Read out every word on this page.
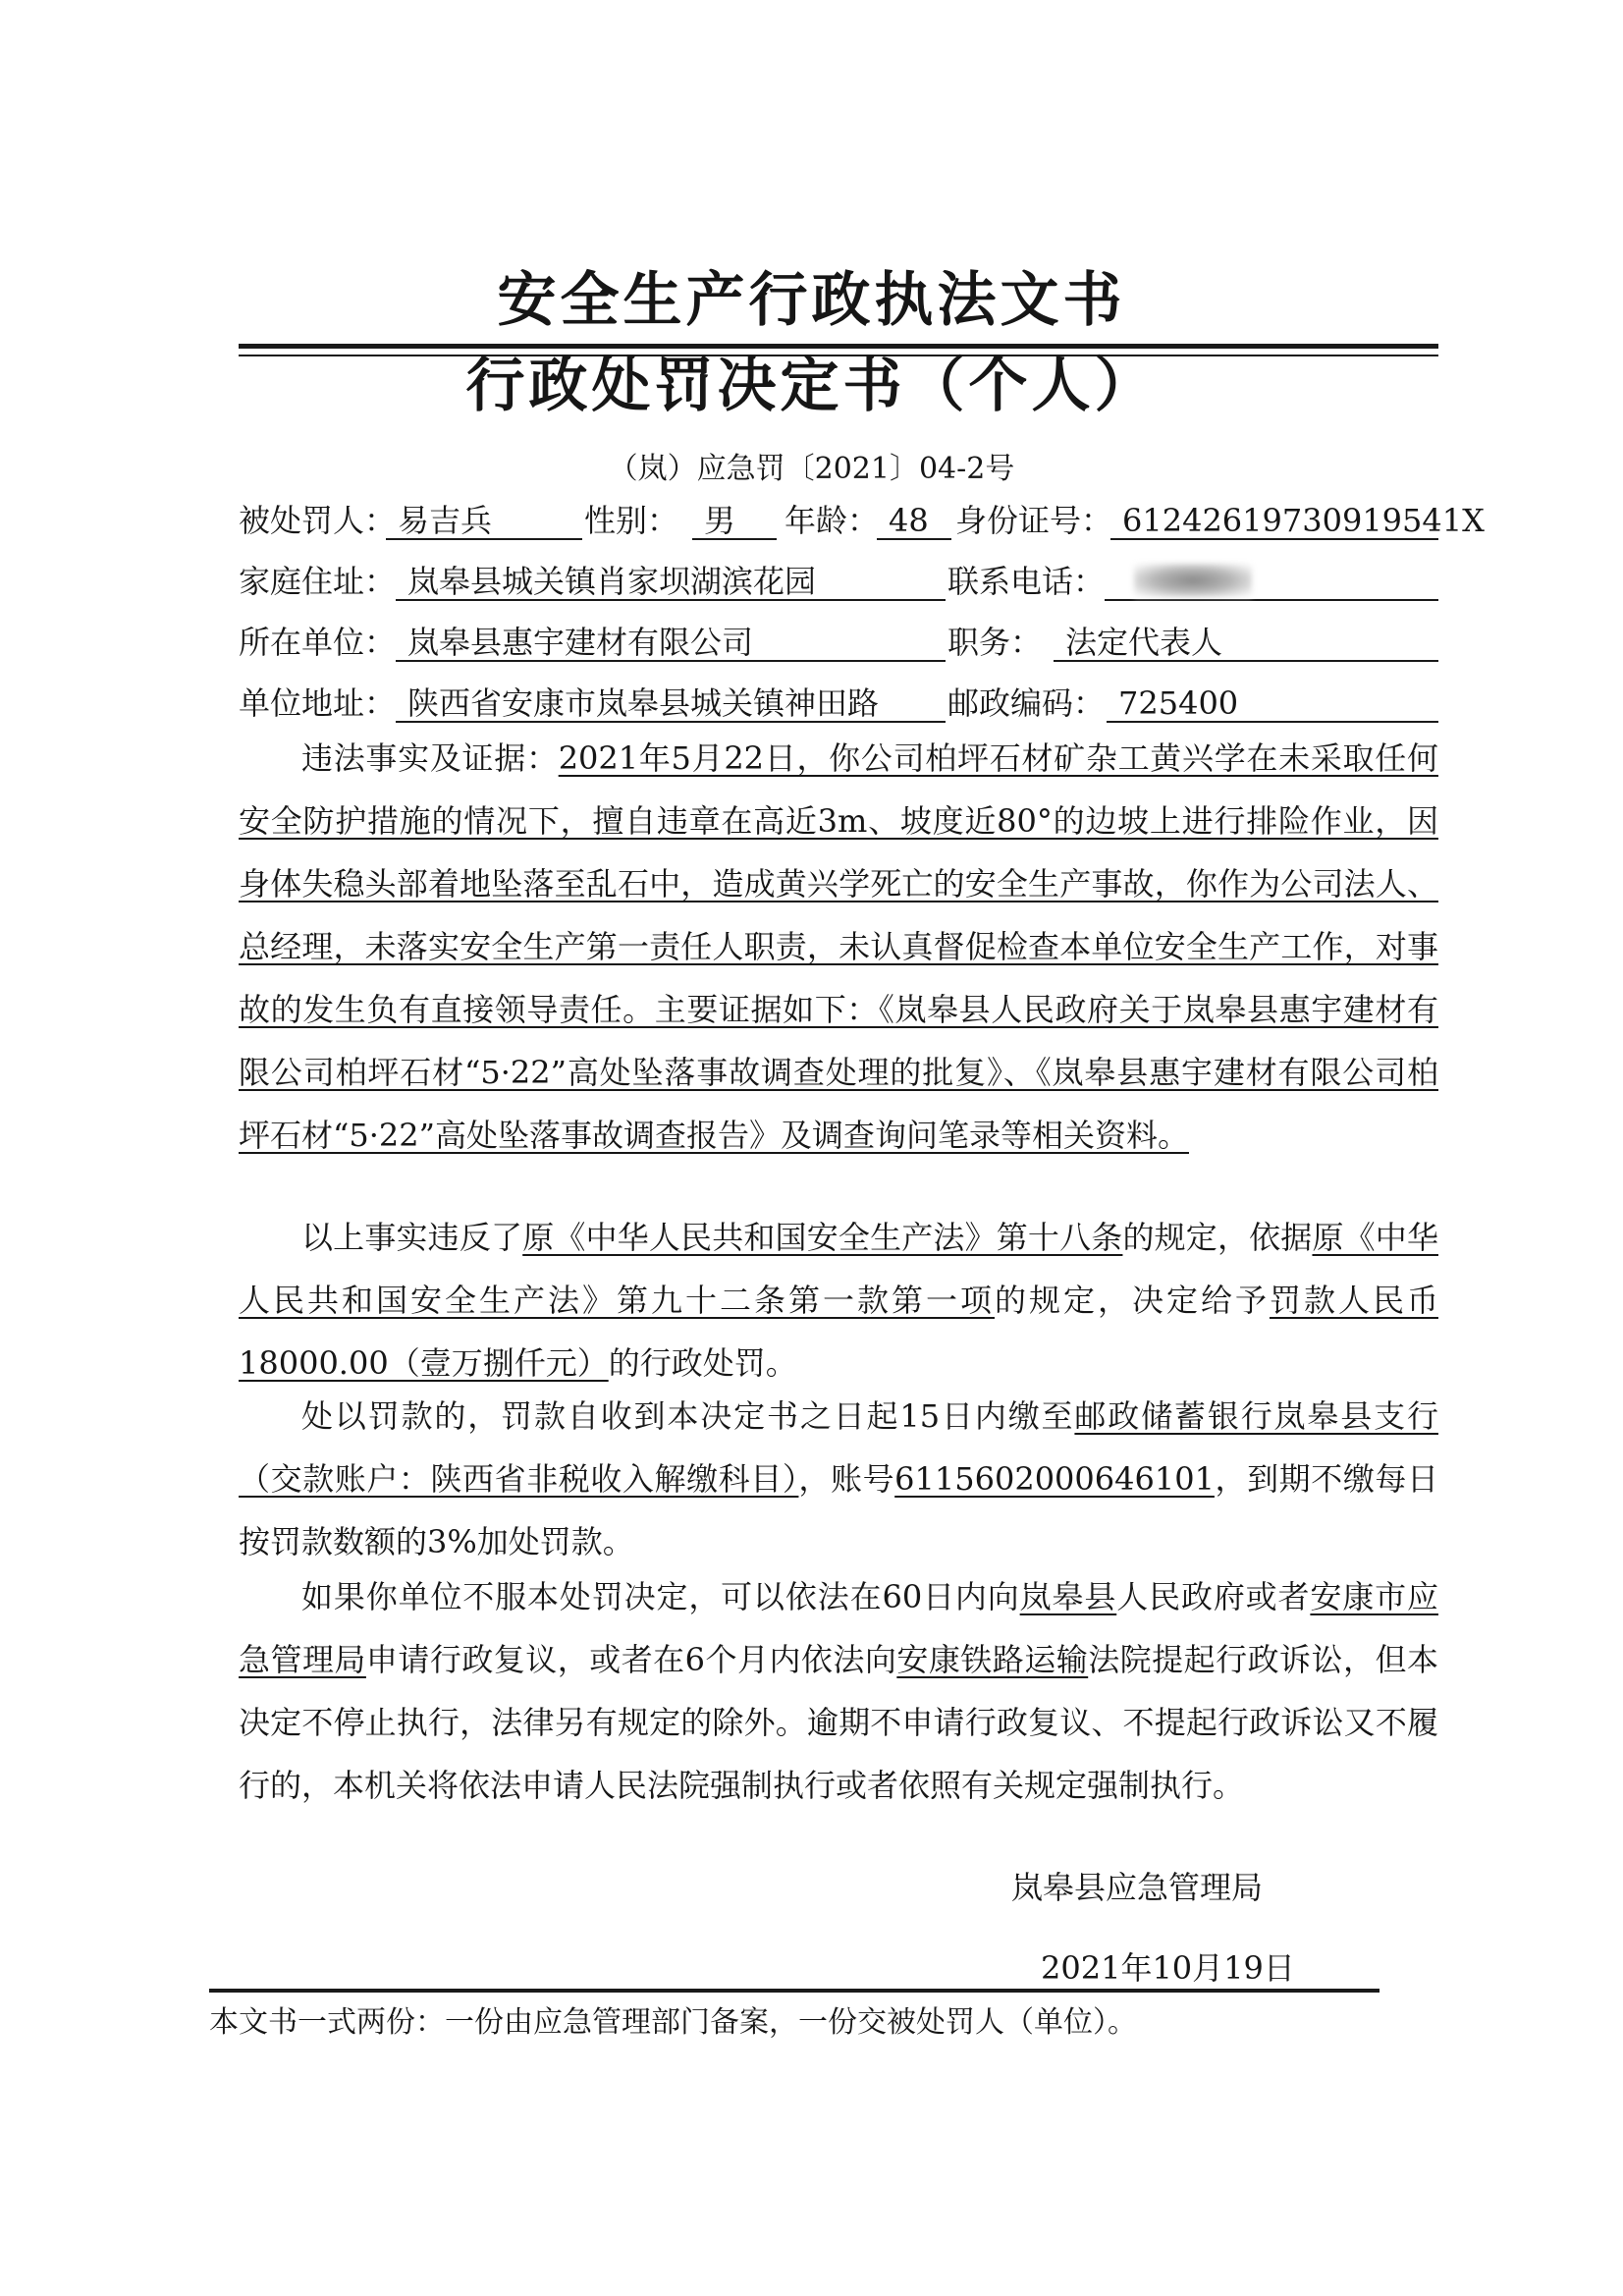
安全生产行政执法文书
行政处罚决定书（个人）
（岚）应急罚〔2021〕04-2号
被处罚人： 易吉兵	性别： 男	年龄： 48 身份证号： 61242619730919541X
家庭住址： 岚皋县城关镇肖家坝湖滨花园	联系电话：
所在单位： 岚皋县惠宇建材有限公司	职务： 法定代表人
单位地址： 陕西省安康市岚皋县城关镇神田路	邮政编码： 725400
违法事实及证据：2021年5月22日，你公司柏坪石材矿杂工黄兴学在未采取任何安全防护措施的情况下，擅自违章在高近3m、坡度近80°的边坡上进行排险作业，因身体失稳头部着地坠落至乱石中，造成黄兴学死亡的安全生产事故，你作为公司法人、总经理，未落实安全生产第一责任人职责，未认真督促检查本单位安全生产工作，对事故的发生负有直接领导责任。主要证据如下：《岚皋县人民政府关于岚皋县惠宇建材有限公司柏坪石材“5·22”高处坠落事故调查处理的批复》、《岚皋县惠宇建材有限公司柏坪石材“5·22”高处坠落事故调查报告》及调查询问笔录等相关资料。
以上事实违反了原《中华人民共和国安全生产法》第十八条的规定，依据原《中华人民共和国安全生产法》第九十二条第一款第一项的规定，决定给予罚款人民币18000.00（壹万捌仟元）的行政处罚。
处以罚款的，罚款自收到本决定书之日起15日内缴至邮政储蓄银行岚皋县支行（交款账户：陕西省非税收入解缴科目），账号6115602000646101，到期不缴每日按罚款数额的3%加处罚款。
如果你单位不服本处罚决定，可以依法在60日内向岚皋县人民政府或者安康市应急管理局申请行政复议，或者在6个月内依法向安康铁路运输法院提起行政诉讼，但本决定不停止执行，法律另有规定的除外。逾期不申请行政复议、不提起行政诉讼又不履行的，本机关将依法申请人民法院强制执行或者依照有关规定强制执行。
岚皋县应急管理局
2021年10月19日
本文书一式两份：一份由应急管理部门备案，一份交被处罚人（单位）。
